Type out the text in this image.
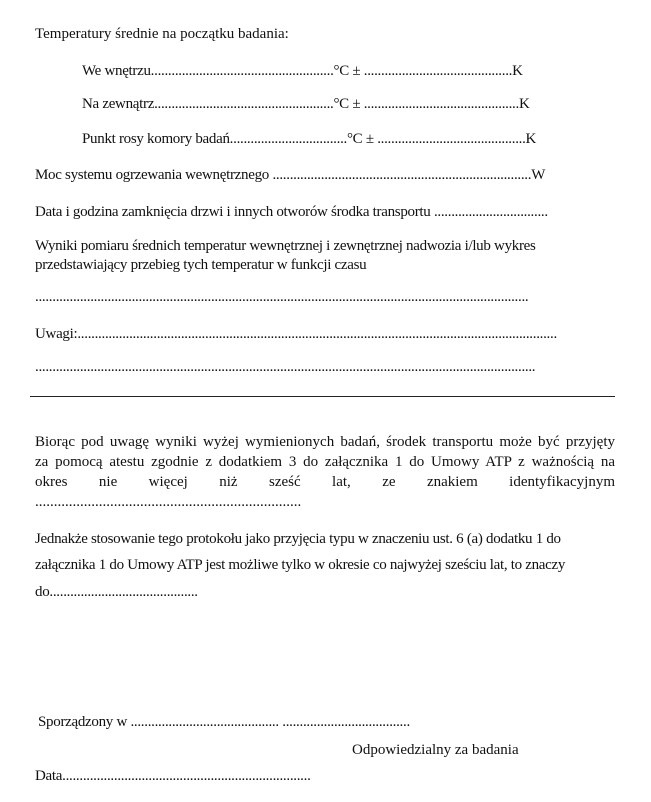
Temperatury średnie na początku badania:

We wnętrzu.....................................................°C ± ...........................................K

Na zewnątrz....................................................°C ± .............................................K

Punkt rosy komory badań..................................°C ± ...........................................K

Moc systemu ogrzewania wewnętrznego ...........................................................................W

Data i godzina zamknięcia drzwi i innych otworów środka transportu .................................

Wyniki pomiaru średnich temperatur wewnętrznej i zewnętrznej nadwozia i/lub wykres

przedstawiający przebieg tych temperatur w funkcji czasu

...............................................................................................................................................

Uwagi:...........................................................................................................................................

.................................................................................................................................................

Biorąc pod uwagę wyniki wyżej wymienionych badań, środek transportu może być przyjęty
za pomocą atestu zgodnie z dodatkiem 3 do załącznika 1 do Umowy ATP z ważnością na
okres nie więcej niż sześć lat, ze znakiem identyfikacyjnym
.......................................................................

Jednakże stosowanie tego protokołu jako przyjęcia typu w znaczeniu ust. 6 (a) dodatku 1 do

załącznika 1 do Umowy ATP jest możliwe tylko w okresie co najwyżej sześciu lat, to znaczy

do...........................................

Sporządzony w ........................................... .....................................

Odpowiedzialny za badania

Data........................................................................
